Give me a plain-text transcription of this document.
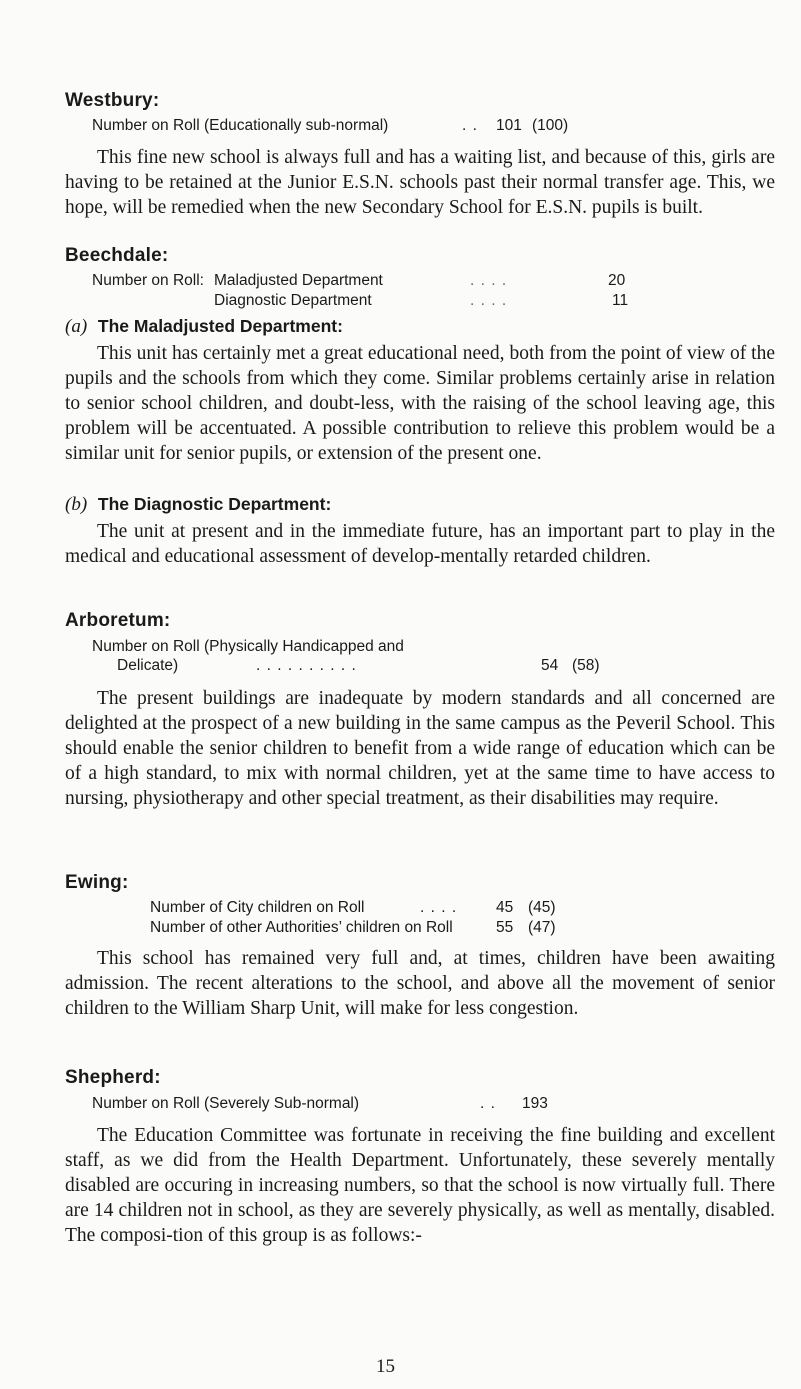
Westbury:
Number on Roll (Educationally sub-normal)	. . 101 (100)

This fine new school is always full and has a waiting list, and because of this, girls are having to be retained at the Junior E.S.N. schools past their normal transfer age. This, we hope, will be remedied when the new Secondary School for E.S.N. pupils is built.

Beechdale:
Number on Roll: Maladjusted Department	. . . .	20
Diagnostic Department	. . . .	11
(a) The Maladjusted Department:

This unit has certainly met a great educational need, both from the point of view of the pupils and the schools from which they come. Similar problems certainly arise in relation to senior school children, and doubt-less, with the raising of the school leaving age, this problem will be accentuated. A possible contribution to relieve this problem would be a similar unit for senior pupils, or extension of the present one.

(b) The Diagnostic Department:

The unit at present and in the immediate future, has an important part to play in the medical and educational assessment of develop-mentally retarded children.

Arboretum:
Number on Roll (Physically Handicapped and
Delicate)	. . . . . . . . . .	54 (58)

The present buildings are inadequate by modern standards and all concerned are delighted at the prospect of a new building in the same campus as the Peveril School. This should enable the senior children to benefit from a wide range of education which can be of a high standard, to mix with normal children, yet at the same time to have access to nursing, physiotherapy and other special treatment, as their disabilities may require.

Ewing:
Number of City children on Roll	. . . .	45 (45)
Number of other Authorities’ children on Roll	55 (47)

This school has remained very full and, at times, children have been awaiting admission. The recent alterations to the school, and above all the movement of senior children to the William Sharp Unit, will make for less congestion.

Shepherd:
Number on Roll (Severely Sub-normal)	. . 193

The Education Committee was fortunate in receiving the fine building and excellent staff, as we did from the Health Department. Unfortunately, these severely mentally disabled are occuring in increasing numbers, so that the school is now virtually full. There are 14 children not in school, as they are severely physically, as well as mentally, disabled. The composi-tion of this group is as follows:-

15
